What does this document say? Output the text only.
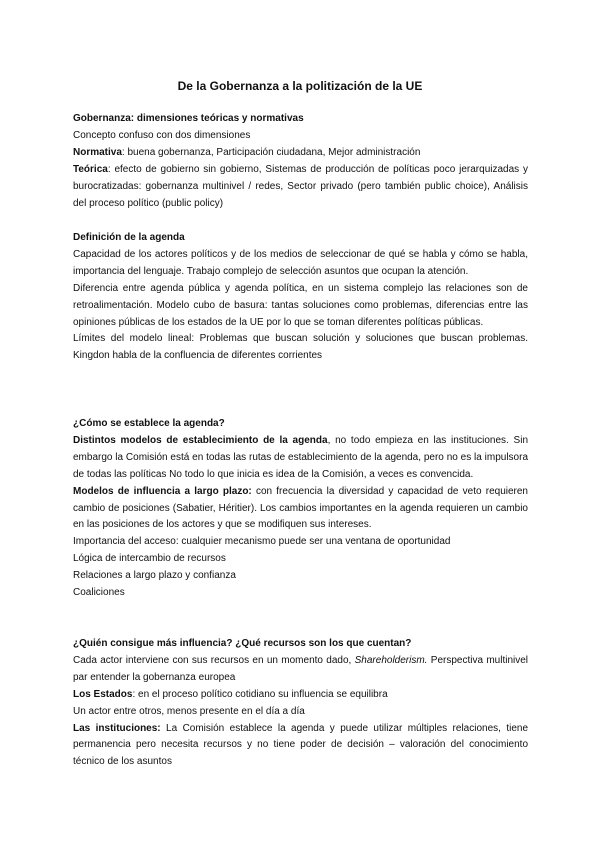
De la Gobernanza a la politización de la UE

Gobernanza: dimensiones teóricas y normativas

Concepto confuso con dos dimensiones

Normativa: buena gobernanza, Participación ciudadana, Mejor administración

Teórica: efecto de gobierno sin gobierno, Sistemas de producción de políticas poco jerarquizadas y burocratizadas: gobernanza multinivel / redes, Sector privado (pero también public choice), Análisis del proceso político (public policy)

Definición de la agenda

Capacidad de los actores políticos y de los medios de seleccionar de qué se habla y cómo se habla, importancia del lenguaje. Trabajo complejo de selección asuntos que ocupan la atención.

Diferencia entre agenda pública y agenda política, en un sistema complejo las relaciones son de retroalimentación. Modelo cubo de basura: tantas soluciones como problemas, diferencias entre las opiniones públicas de los estados de la UE por lo que se toman diferentes políticas públicas.

Límites del modelo lineal: Problemas que buscan solución y soluciones que buscan problemas. Kingdon habla de la confluencia de diferentes corrientes

¿Cómo se establece la agenda?

Distintos modelos de establecimiento de la agenda, no todo empieza en las instituciones. Sin embargo la Comisión está en todas las rutas de establecimiento de la agenda, pero no es la impulsora de todas las políticas No todo lo que inicia es idea de la Comisión, a veces es convencida.

Modelos de influencia a largo plazo: con frecuencia la diversidad y capacidad de veto requieren cambio de posiciones (Sabatier, Héritier). Los cambios importantes en la agenda requieren un cambio en las posiciones de los actores y que se modifiquen sus intereses.

Importancia del acceso: cualquier mecanismo puede ser una ventana de oportunidad

Lógica de intercambio de recursos

Relaciones a largo plazo y confianza

Coaliciones

¿Quién consigue más influencia? ¿Qué recursos son los que cuentan?

Cada actor interviene con sus recursos en un momento dado, Shareholderism. Perspectiva multinivel par entender la gobernanza europea

Los Estados: en el proceso político cotidiano su influencia se equilibra

Un actor entre otros, menos presente en el día a día

Las instituciones: La Comisión establece la agenda y puede utilizar múltiples relaciones, tiene permanencia pero necesita recursos y no tiene poder de decisión – valoración del conocimiento técnico de los asuntos
